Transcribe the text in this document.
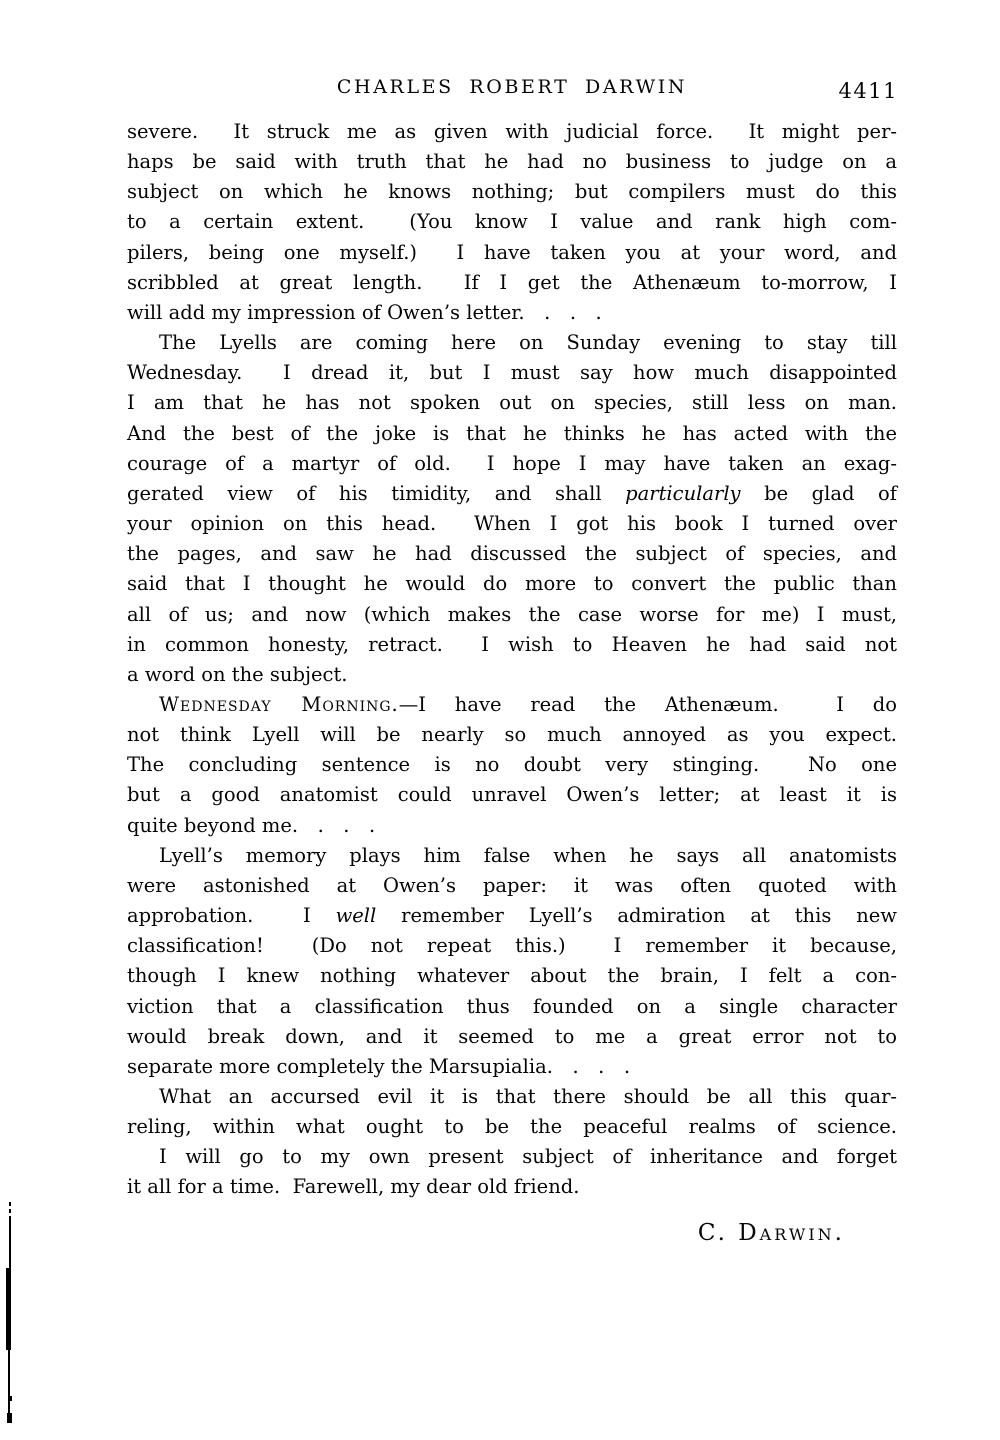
CHARLES ROBERT DARWIN	4411
severe.  It struck me as given with judicial force.  It might per-
haps be said with truth that he had no business to judge on a
subject on which he knows nothing; but compilers must do this
to a certain extent.  (You know I value and rank high com-
pilers, being one myself.)  I have taken you at your word, and
scribbled at great length.  If I get the Athenæum to-morrow, I
will add my impression of Owen’s letter. . . .
The Lyells are coming here on Sunday evening to stay till
Wednesday.  I dread it, but I must say how much disappointed
I am that he has not spoken out on species, still less on man.
And the best of the joke is that he thinks he has acted with the
courage of a martyr of old.  I hope I may have taken an exag-
gerated view of his timidity, and shall particularly be glad of
your opinion on this head.  When I got his book I turned over
the pages, and saw he had discussed the subject of species, and
said that I thought he would do more to convert the public than
all of us; and now (which makes the case worse for me) I must,
in common honesty, retract.  I wish to Heaven he had said not
a word on the subject.
Wednesday Morning.—I have read the Athenæum.  I do
not think Lyell will be nearly so much annoyed as you expect.
The concluding sentence is no doubt very stinging.  No one
but a good anatomist could unravel Owen’s letter; at least it is
quite beyond me. . . .
Lyell’s memory plays him false when he says all anatomists
were astonished at Owen’s paper: it was often quoted with
approbation.  I well remember Lyell’s admiration at this new
classification!  (Do not repeat this.)  I remember it because,
though I knew nothing whatever about the brain, I felt a con-
viction that a classification thus founded on a single character
would break down, and it seemed to me a great error not to
separate more completely the Marsupialia. . . .
What an accursed evil it is that there should be all this quar-
reling, within what ought to be the peaceful realms of science.
I will go to my own present subject of inheritance and forget
it all for a time.  Farewell, my dear old friend.
C. Darwin.
